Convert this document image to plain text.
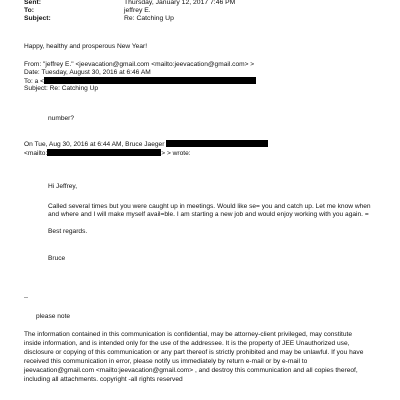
Sent:	Thursday, January 12, 2017 7:46 PM
To:	jeffrey E.
Subject:	Re: Catching Up
Happy, healthy and prosperous New Year!
From: "jeffrey E." <jeevacation@gmail.com <mailto:jeevacation@gmail.com> >
Date: Tuesday, August 30, 2016 at 6:46 AM
To: a <
Subject: Re: Catching Up
number?
On Tue, Aug 30, 2016 at 6:44 AM, Bruce Jaeger
<mailto:	> > wrote:
Hi Jeffrey,
Called several times but you were caught up in meetings. Would like se= you and catch up. Let me know when
and where and I will make myself avail=ble. I am starting a new job and would enjoy working with you again. =
Best regards.
Bruce
--
please note
The information contained in this communication is confidential, may be attorney-client privileged, may constitute
inside information, and is intended only for the use of the addressee. It is the property of JEE Unauthorized use,
disclosure or copying of this communication or any part thereof is strictly prohibited and may be unlawful. If you have
received this communication in error, please notify us immediately by return e-mail or by e-mail to
jeevacation@gmail.com <mailto:jeevacation@gmail.com> , and destroy this communication and all copies thereof,
including all attachments. copyright -all rights reserved
